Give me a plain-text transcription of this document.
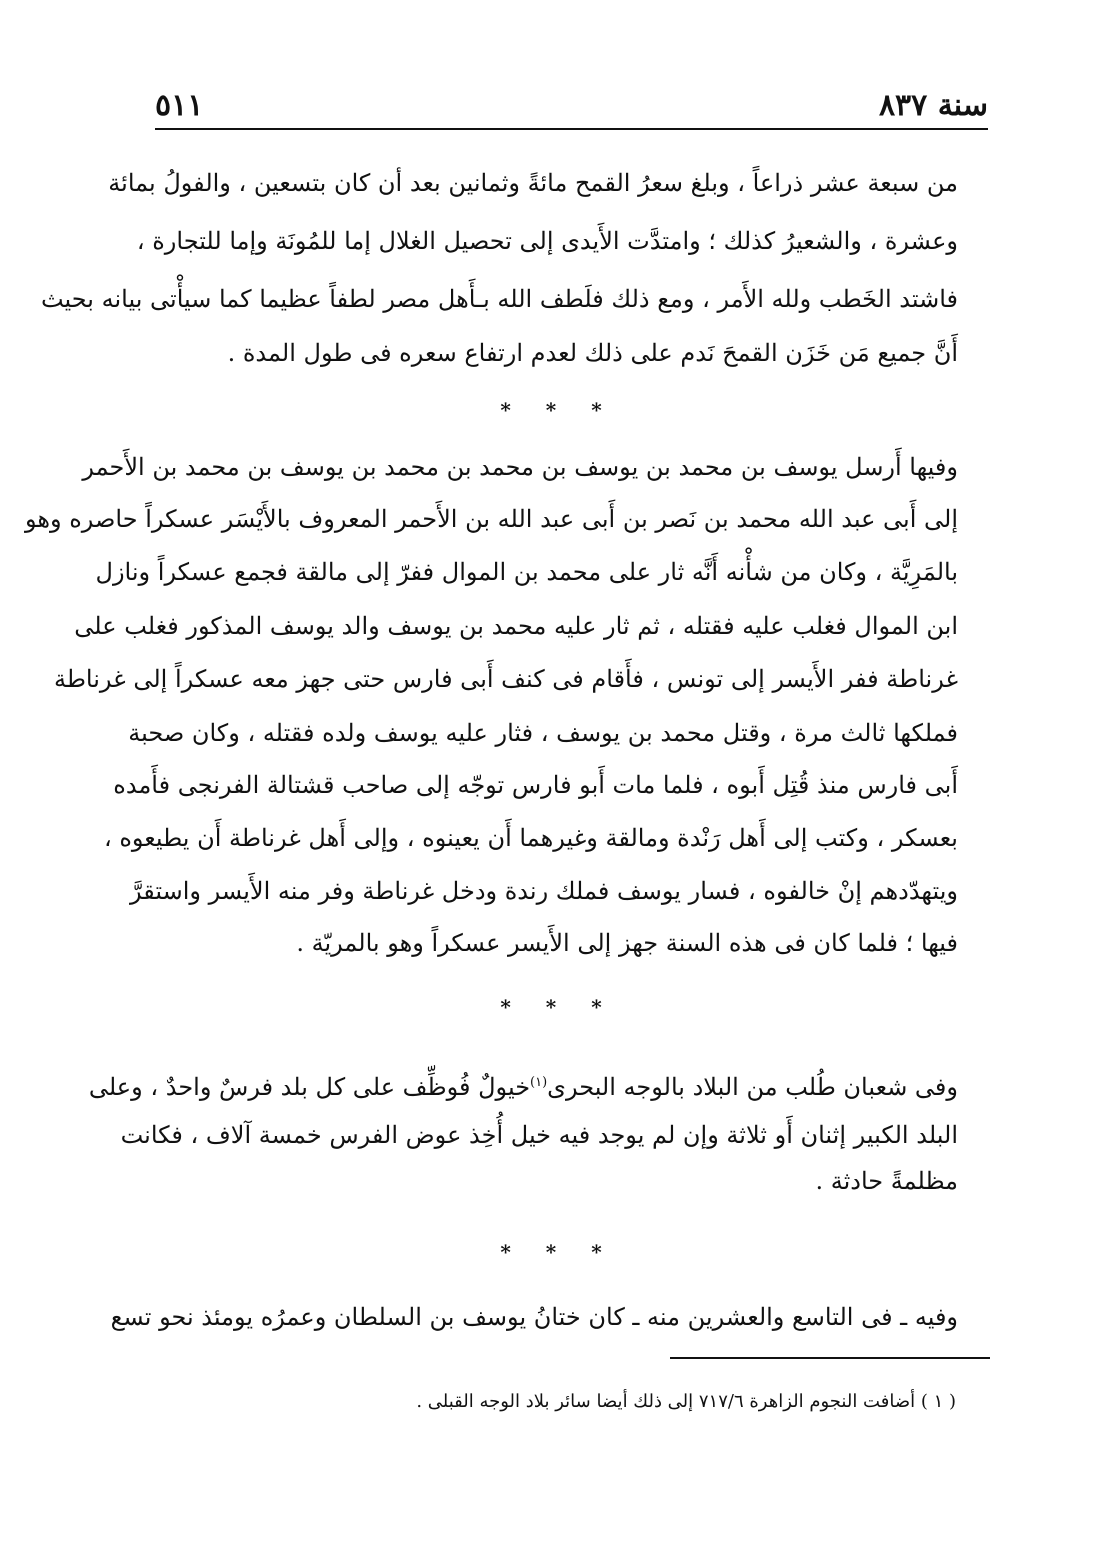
سنة ٨٣٧
٥١١
من سبعة عشر ذراعاً ، وبلغ سعرُ القمح مائةً وثمانين بعد أن كان بتسعين ، والفولُ بمائة
وعشرة ، والشعيرُ كذلك ؛ وامتدَّت الأَيدى إلى تحصيل الغلال إما للمُونَة وإما للتجارة ،
فاشتد الخَطب ولله الأَمر ، ومع ذلك فلَطف الله بـأَهل مصر لطفاً عظيما كما سيأْتى بيانه بحيث
أَنَّ جميع مَن خَزَن القمحَ نَدم على ذلك لعدم ارتفاع سعره فى طول المدة .
* * *
وفيها أَرسل يوسف بن محمد بن يوسف بن محمد بن محمد بن يوسف بن محمد بن الأَحمر
إلى أَبى عبد الله محمد بن نَصر بن أَبى عبد الله بن الأَحمر المعروف بالأَيْسَر عسكراً حاصره وهو
بالمَرِيَّة ، وكان من شأْنه أَنَّه ثار على محمد بن الموال ففرّ إلى مالقة فجمع عسكراً ونازل
ابن الموال فغلب عليه فقتله ، ثم ثار عليه محمد بن يوسف والد يوسف المذكور فغلب على
غرناطة ففر الأَيسر إلى تونس ، فأَقام فى كنف أَبى فارس حتى جهز معه عسكراً إلى غرناطة
فملكها ثالث مرة ، وقتل محمد بن يوسف ، فثار عليه يوسف ولده فقتله ، وكان صحبة
أَبى فارس منذ قُتِل أَبوه ، فلما مات أَبو فارس توجّه إلى صاحب قشتالة الفرنجى فأَمده
بعسكر ، وكتب إلى أَهل رَنْدة ومالقة وغيرهما أَن يعينوه ، وإلى أَهل غرناطة أَن يطيعوه ،
ويتهدّدهم إنْ خالفوه ، فسار يوسف فملك رندة ودخل غرناطة وفر منه الأَيسر واستقرَّ
فيها ؛ فلما كان فى هذه السنة جهز إلى الأَيسر عسكراً وهو بالمريّة .
* * *
وفى شعبان طُلب من البلاد بالوجه البحرى$^{(١)}$خيولٌ فُوظِّف على كل بلد فرسٌ واحدٌ ، وعلى
البلد الكبير إثنان أَو ثلاثة وإن لم يوجد فيه خيل أُخِذ عوض الفرس خمسة آلاف ، فكانت
مظلمةً حادثة .
* * *
وفيه ـ فى التاسع والعشرين منه ـ كان ختانُ يوسف بن السلطان وعمرُه يومئذ نحو تسع
( ١ ) أضافت النجوم الزاهرة ٧١٧/٦ إلى ذلك أيضا سائر بلاد الوجه القبلى .
